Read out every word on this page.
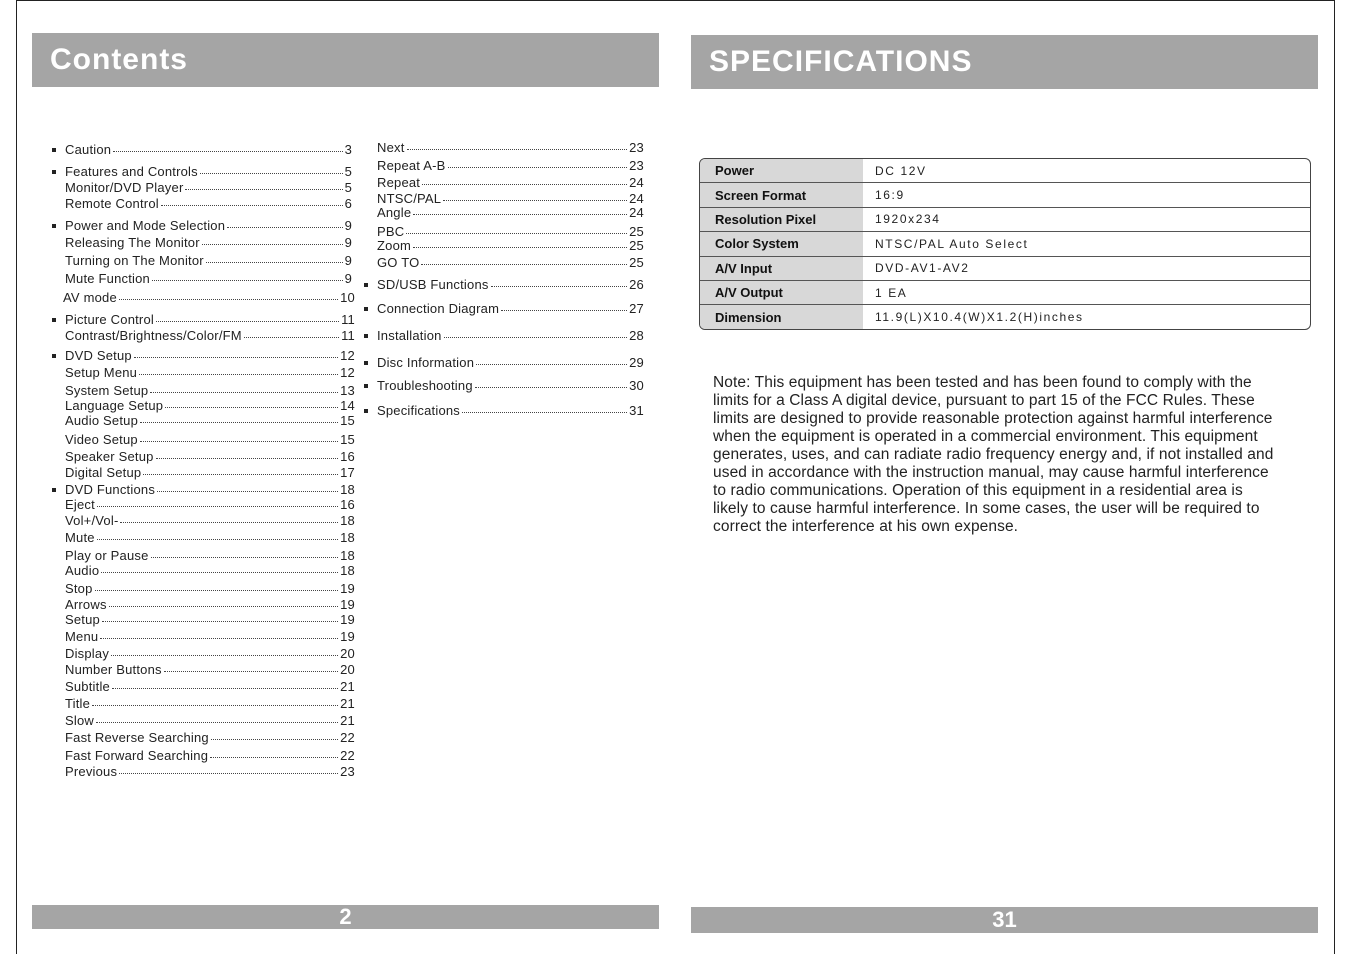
Contents
Caution	3
Features and Controls	5
Monitor/DVD Player	5
Remote Control	6
Power and Mode Selection	9
Releasing The Monitor	9
Turning on The Monitor	9
Mute Function	9
AV mode	10
Picture Control	11
Contrast/Brightness/Color/FM	11
DVD Setup	12
Setup Menu	12
System Setup	13
Language Setup	14
Audio Setup	15
Video Setup	15
Speaker Setup	16
Digital Setup	17
DVD Functions	18
Eject	16
Vol+/Vol-	18
Mute	18
Play or Pause	18
Audio	18
Stop	19
Arrows	19
Setup	19
Menu	19
Display	20
Number Buttons	20
Subtitle	21
Title	21
Slow	21
Fast Reverse Searching	22
Fast Forward Searching	22
Previous	23
Next	23
Repeat A-B	23
Repeat	24
NTSC/PAL	24
Angle	24
PBC	25
Zoom	25
GO TO	25
SD/USB Functions	26
Connection Diagram	27
Installation	28
Disc Information	29
Troubleshooting	30
Specifications	31
2
SPECIFICATIONS
Power	DC 12V
Screen Format	16:9
Resolution Pixel	1920x234
Color System	NTSC/PAL Auto Select
A/V Input	DVD-AV1-AV2
A/V Output	1 EA
Dimension	11.9(L)X10.4(W)X1.2(H)inches
Note: This equipment has been tested and has been found to comply with the limits for a Class A digital device, pursuant to part 15 of the FCC Rules. These limits are designed to provide reasonable protection against harmful interference when the equipment is operated in a commercial environment. This equipment generates, uses, and can radiate radio frequency energy and, if not installed and used in accordance with the instruction manual, may cause harmful interference to radio communications. Operation of this equipment in a residential area is likely to cause harmful interference. In some cases, the user will be required to correct the interference at his own expense.
31
